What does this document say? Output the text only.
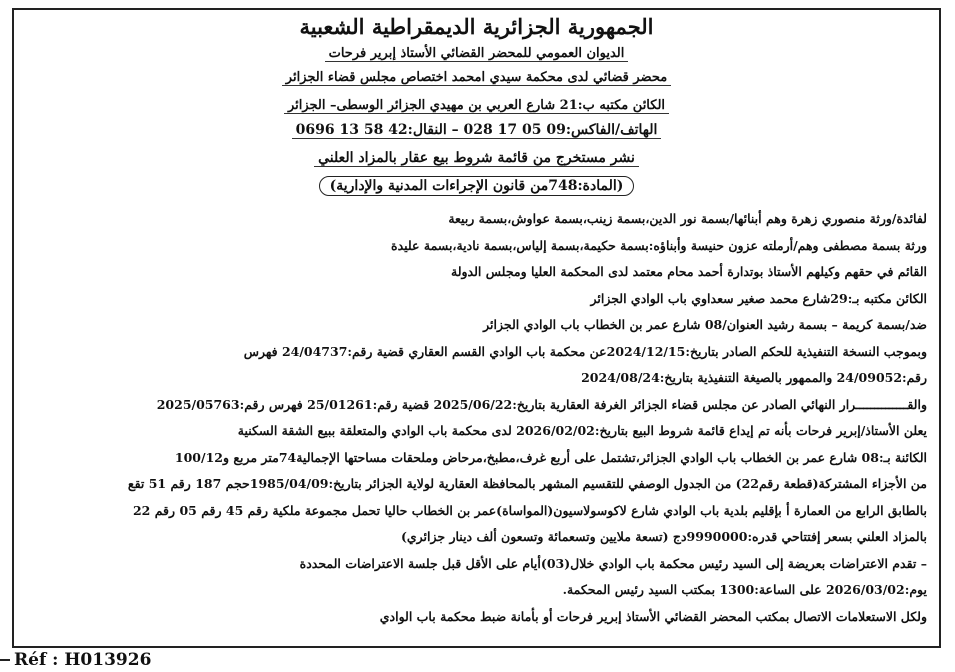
الجمهورية الجزائرية الديمقراطية الشعبية
الديوان العمومي للمحضر القضائي الأستاذ إبرير فرحات
محضر قضائي لدى محكمة سيدي امحمد اختصاص مجلس قضاء الجزائر
الكائن مكتبه ب:21 شارع العربي بن مهيدي الجزائر الوسطى– الجزائر
الهاتف/الفاكس:09 05 17 028 – النقال:42 58 13 0696
نشر مستخرج من قائمة شروط بيع عقار بالمزاد العلني
(المادة:748من قانون الإجراءات المدنية والإدارية)
لفائدة/ورثة منصوري زهرة وهم أبنائها/بسمة نور الدين،بسمة زينب،بسمة عواوش،بسمة ربيعة
ورثة بسمة مصطفى وهم/أرملته عزون حنيسة وأبناؤه:بسمة حكيمة،بسمة إلياس،بسمة نادية،بسمة عليدة
القائم في حقهم وكيلهم الأستاذ بوتدارة أحمد محام معتمد لدى المحكمة العليا ومجلس الدولة
الكائن مكتبه بـ:29شارع محمد صغير سعداوي باب الوادي الجزائر
ضد/بسمة كريمة – بسمة رشيد العنوان/08 شارع عمر بن الخطاب باب الوادي الجزائر
وبموجب النسخة التنفيذية للحكم الصادر بتاريخ:2024/12/15عن محكمة باب الوادي القسم العقاري قضية رقم:24/04737 فهرس
رقم:24/09052 والممهور بالصيغة التنفيذية بتاريخ:2024/08/24
والقــــــــــــــرار النهائي الصادر عن مجلس قضاء الجزائر الغرفة العقارية بتاريخ:2025/06/22 قضية رقم:25/01261 فهرس رقم:2025/05763
يعلن الأستاذ/إبرير فرحات بأنه تم إيداع قائمة شروط البيع بتاريخ:2026/02/02 لدى محكمة باب الوادي والمتعلقة ببيع الشقة السكنية
الكائنة بـ:08 شارع عمر بن الخطاب باب الوادي الجزائر،تشتمل على أربع غرف،مطبخ،مرحاض وملحقات مساحتها الإجمالية74متر مربع و100/12
من الأجزاء المشتركة(قطعة رقم22) من الجدول الوصفي للتقسيم المشهر بالمحافظة العقارية لولاية الجزائر بتاريخ:1985/04/09حجم 187 رقم 51 تقع
بالطابق الرابع من العمارة أ بإقليم بلدية باب الوادي شارع لاكوسولاسيون(المواساة)عمر بن الخطاب حاليا تحمل مجموعة ملكية رقم 45 رقم 05 رقم 22
بالمزاد العلني بسعر إفتتاحي قدره:9990000دج (تسعة ملايين وتسعمائة وتسعون ألف دينار جزائري)
– تقدم الاعتراضات بعريضة إلى السيد رئيس محكمة باب الوادي خلال(03)أيام على الأقل قبل جلسة الاعتراضات المحددة
يوم:2026/03/02 على الساعة:1300 بمكتب السيد رئيس المحكمة.
ولكل الاستعلامات الاتصال بمكتب المحضر القضائي الأستاذ إبرير فرحات أو بأمانة ضبط محكمة باب الوادي
Réf : H013926
